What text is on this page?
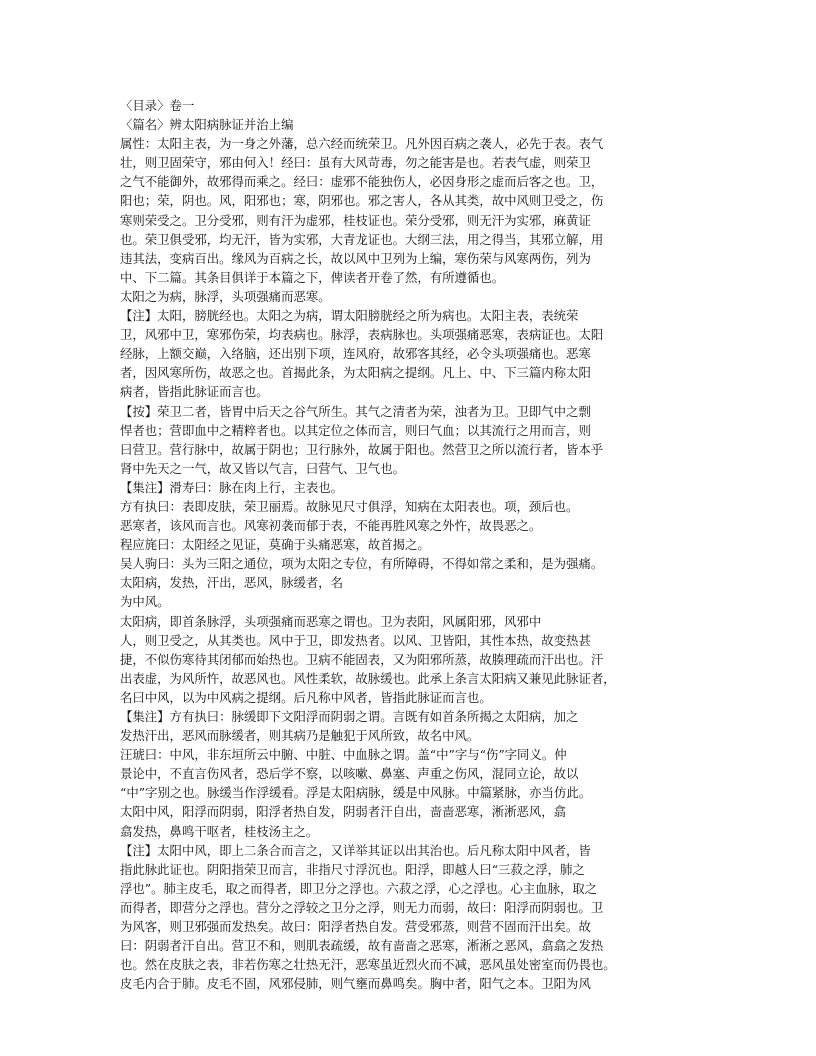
〈目录〉卷一
〈篇名〉辨太阳病脉证并治上编
属性：太阳主表，为一身之外藩，总六经而统荣卫。凡外因百病之袭人，必先于表。表气
壮，则卫固荣守，邪由何入！经曰：虽有大风苛毒，勿之能害是也。若表气虚，则荣卫
之气不能御外，故邪得而乘之。经曰：虚邪不能独伤人，必因身形之虚而后客之也。卫，
阳也；荣，阴也。风，阳邪也；寒，阴邪也。邪之害人，各从其类，故中风则卫受之，伤
寒则荣受之。卫分受邪，则有汗为虚邪，桂枝证也。荣分受邪，则无汗为实邪，麻黄证
也。荣卫俱受邪，均无汗，皆为实邪，大青龙证也。大纲三法，用之得当，其邪立解，用
违其法，变病百出。缘风为百病之长，故以风中卫列为上编，寒伤荣与风寒两伤，列为
中、下二篇。其条目俱详于本篇之下，俾读者开卷了然，有所遵循也。
太阳之为病，脉浮，头项强痛而恶寒。
【注】太阳，膀胱经也。太阳之为病，谓太阳膀胱经之所为病也。太阳主表，表统荣
卫，风邪中卫，寒邪伤荣，均表病也。脉浮，表病脉也。头项强痛恶寒，表病证也。太阳
经脉，上额交巅，入络脑，还出别下项，连风府，故邪客其经，必令头项强痛也。恶寒
者，因风寒所伤，故恶之也。首揭此条，为太阳病之提纲。凡上、中、下三篇内称太阳
病者，皆指此脉证而言也。
【按】荣卫二者，皆胃中后天之谷气所生。其气之清者为荣，浊者为卫。卫即气中之剽
悍者也；营即血中之精粹者也。以其定位之体而言，则曰气血；以其流行之用而言，则
曰营卫。营行脉中，故属于阴也；卫行脉外，故属于阳也。然营卫之所以流行者，皆本乎
肾中先天之一气，故又皆以气言，曰营气、卫气也。
【集注】滑寿曰：脉在肉上行，主表也。
方有执曰：表即皮肤，荣卫丽焉。故脉见尺寸俱浮，知病在太阳表也。项，颈后也。
恶寒者，该风而言也。风寒初袭而郁于表，不能再胜风寒之外忤，故畏恶之。
程应旄曰：太阳经之见证，莫确于头痛恶寒，故首揭之。
吴人驹曰：头为三阳之通位，项为太阳之专位，有所障碍，不得如常之柔和，是为强痛。
太阳病，发热，汗出，恶风，脉缓者，名
为中风。
太阳病，即首条脉浮，头项强痛而恶寒之谓也。卫为表阳，风属阳邪，风邪中
人，则卫受之，从其类也。风中于卫，即发热者。以风、卫皆阳，其性本热，故变热甚
捷，不似伤寒待其闭郁而始热也。卫病不能固表，又为阳邪所蒸，故腠理疏而汗出也。汗
出表虚，为风所忤，故恶风也。风性柔软，故脉缓也。此承上条言太阳病又兼见此脉证者，
名曰中风，以为中风病之提纲。后凡称中风者，皆指此脉证而言也。
【集注】方有执曰：脉缓即下文阳浮而阴弱之谓。言既有如首条所揭之太阳病，加之
发热汗出，恶风而脉缓者，则其病乃是触犯于风所致，故名中风。
汪琥曰：中风，非东垣所云中腑、中脏、中血脉之谓。盖“中”字与“伤”字同义。仲
景论中，不直言伤风者，恐后学不察，以咳嗽、鼻塞、声重之伤风，混同立论，故以
“中”字别之也。脉缓当作浮缓看。浮是太阳病脉，缓是中风脉。中篇紧脉，亦当仿此。
太阳中风，阳浮而阴弱，阳浮者热自发，阴弱者汗自出，啬啬恶寒，淅淅恶风，翕
翕发热，鼻鸣干呕者，桂枝汤主之。
【注】太阳中风，即上二条合而言之，又详举其证以出其治也。后凡称太阳中风者，皆
指此脉此证也。阴阳指荣卫而言，非指尺寸浮沉也。阳浮，即越人曰“三菽之浮，肺之
浮也”。肺主皮毛，取之而得者，即卫分之浮也。六菽之浮，心之浮也。心主血脉，取之
而得者，即营分之浮也。营分之浮较之卫分之浮，则无力而弱，故曰：阳浮而阴弱也。卫
为风客，则卫邪强而发热矣。故曰：阳浮者热自发。营受邪蒸，则营不固而汗出矣。故
曰：阴弱者汗自出。营卫不和，则肌表疏缓，故有啬啬之恶寒，淅淅之恶风，翕翕之发热
也。然在皮肤之表，非若伤寒之壮热无汗，恶寒虽近烈火而不减，恶风虽处密室而仍畏也。
皮毛内合于肺。皮毛不固，风邪侵肺，则气壅而鼻鸣矣。胸中者，阳气之本。卫阳为风
